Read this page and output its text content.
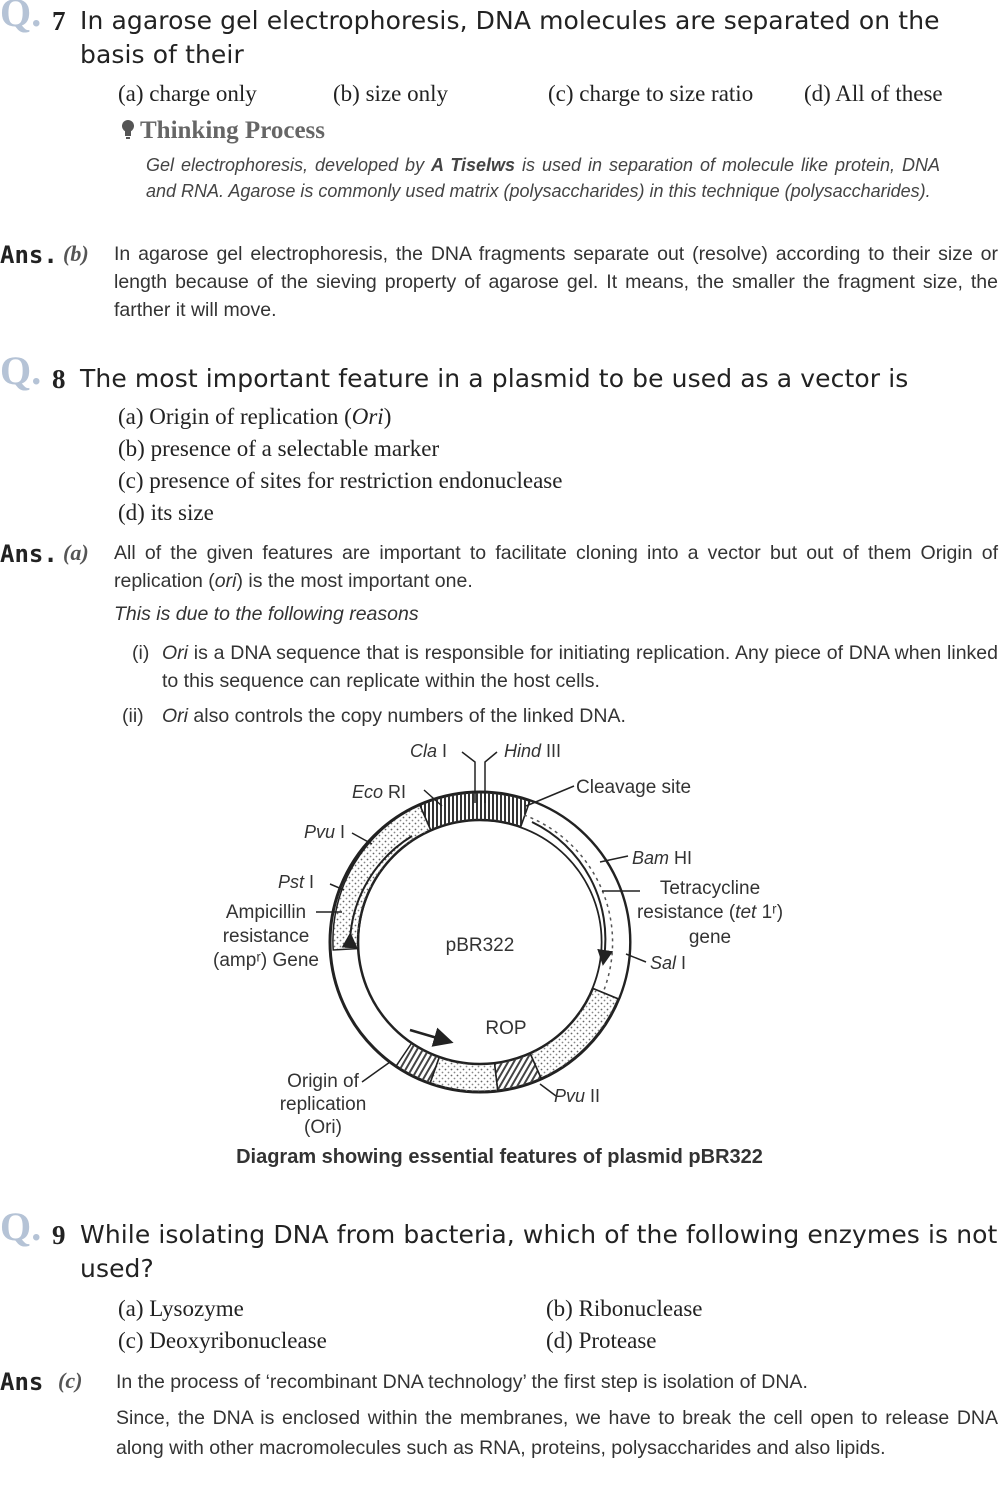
Q. 7 In agarose gel electrophoresis, DNA molecules are separated on the basis of their
(a) charge only	(b) size only	(c) charge to size ratio (d) All of these
Thinking Process
Gel electrophoresis, developed by A Tiselws is used in separation of molecule like protein, DNA and RNA. Agarose is commonly used matrix (polysaccharides) in this technique (polysaccharides).
Ans. (b) In agarose gel electrophoresis, the DNA fragments separate out (resolve) according to their size or length because of the sieving property of agarose gel. It means, the smaller the fragment size, the farther it will move.
Q. 8 The most important feature in a plasmid to be used as a vector is
(a) Origin of replication (Ori)
(b) presence of a selectable marker
(c) presence of sites for restriction endonuclease
(d) its size
Ans. (a) All of the given features are important to facilitate cloning into a vector but out of them Origin of replication (ori) is the most important one.
This is due to the following reasons
(i) Ori is a DNA sequence that is responsible for initiating replication. Any piece of DNA when linked to this sequence can replicate within the host cells.
(ii) Ori also controls the copy numbers of the linked DNA.
Cla I	Hind III
Eco RI	Cleavage site
Pvu I
Bam HI
Pst I	Tetracycline
resistance (tet 1ʳ)
gene
Ampicillin
resistance
(ampʳ) Gene
pBR322
Sal I
ROP
Pvu II
Origin of
replication
(Ori)
Diagram showing essential features of plasmid pBR322
Q. 9 While isolating DNA from bacteria, which of the following enzymes is not used?
(a) Lysozyme	(b) Ribonuclease
(c) Deoxyribonuclease	(d) Protease
Ans (c) In the process of ‘recombinant DNA technology’ the first step is isolation of DNA.
Since, the DNA is enclosed within the membranes, we have to break the cell open to release DNA along with other macromolecules such as RNA, proteins, polysaccharides and also lipids.
